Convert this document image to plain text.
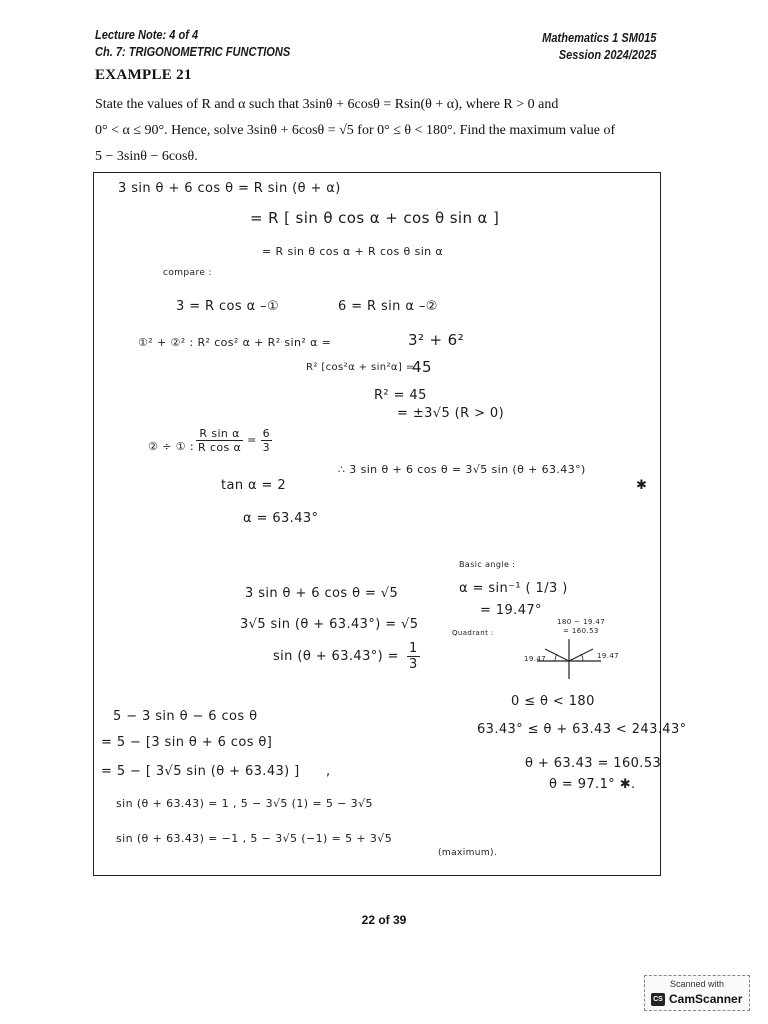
Lecture Note: 4 of 4
Ch. 7: TRIGONOMETRIC FUNCTIONS
Mathematics 1 SM015
Session 2024/2025
EXAMPLE 21
State the values of R and α such that 3sinθ + 6cosθ = Rsin(θ + α), where R > 0 and
0° < α ≤ 90°. Hence, solve 3sinθ + 6cosθ = √5 for 0° ≤ θ < 180°. Find the maximum value of
5 − 3sinθ − 6cosθ.
3 sin θ + 6 cos θ = R sin (θ + α)
= R [ sin θ cos α + cos θ sin α ]
= R sin θ cos α + R cos θ sin α
compare :
3 = R cos α –①	6 = R sin α –②
①² + ②² : R² cos² α + R² sin² α =	3² + 6²
R² [cos²α + sin²α] =
45
R² = 45
= ±3√5 (R > 0)
② ÷ ① : $\frac{\text{R sin α}}{\text{R cos α}} = \frac{6}{3}$
tan α = 2
α = 63.43°
∴ 3 sin θ + 6 cos θ = 3√5 sin (θ + 63.43°)
✱
Basic angle :
α = sin⁻¹ ( 1/3 )
= 19.47°
Quadrant :
180 − 19.47
= 160.53
19.47	19.47
3 sin θ + 6 cos θ = √5
3√5 sin (θ + 63.43°) = √5
$\sin (\theta + 63.43^\circ) = \frac{1}{3}$
0 ≤ θ < 180
63.43° ≤ θ + 63.43 < 243.43°
θ + 63.43 = 160.53
θ = 97.1° ✱.
5 − 3 sin θ − 6 cos θ
= 5 − [3 sin θ + 6 cos θ]
= 5 − [ 3√5 sin (θ + 63.43) ] ,
sin (θ + 63.43) = 1 , 5 − 3√5 (1) = 5 − 3√5
sin (θ + 63.43) = −1 , 5 − 3√5 (−1) = 5 + 3√5
(maximum).
22 of 39
Scanned with
CS CamScanner
